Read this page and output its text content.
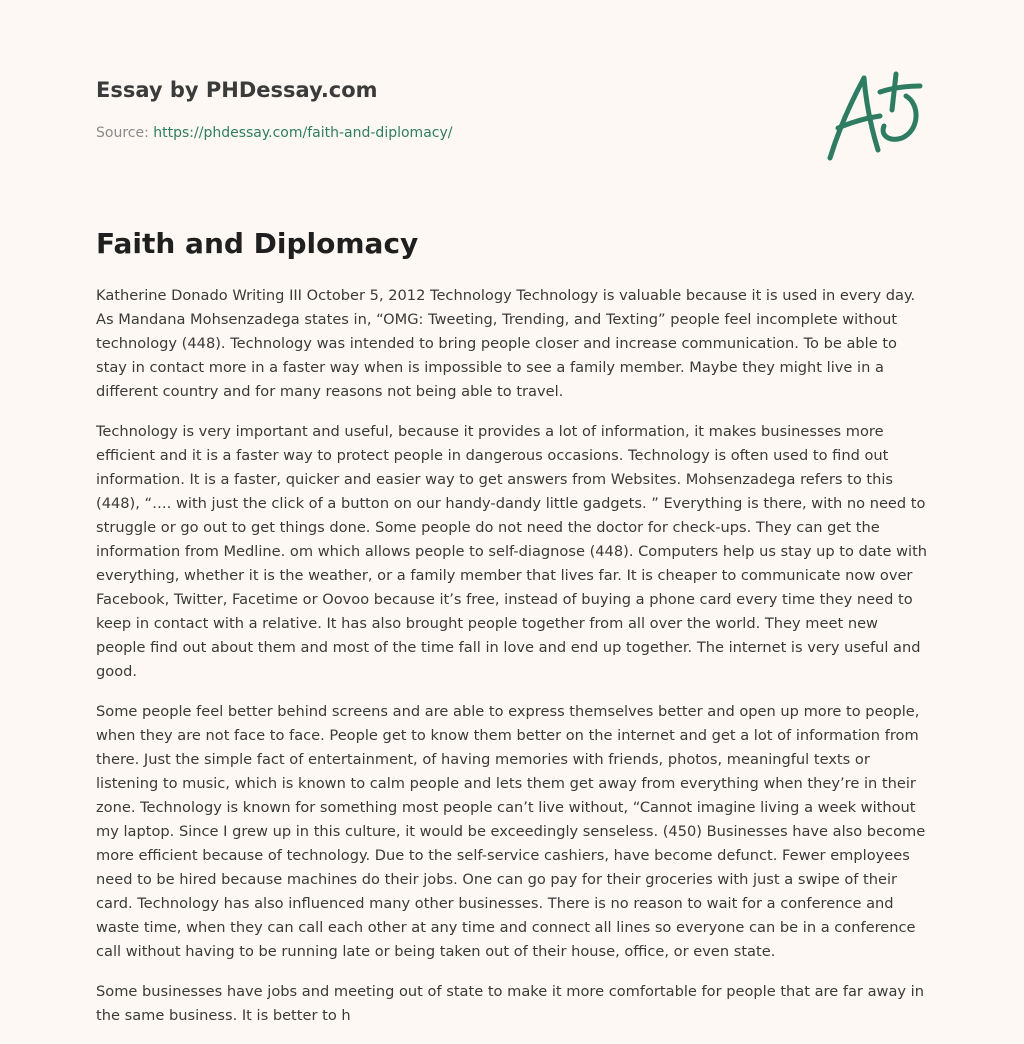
Essay by PHDessay.com
Source: https://phdessay.com/faith-and-diplomacy/
Faith and Diplomacy

Katherine Donado Writing III October 5, 2012 Technology Technology is valuable because it is used in every day. As Mandana Mohsenzadega states in, “OMG: Tweeting, Trending, and Texting” people feel incomplete without technology (448). Technology was intended to bring people closer and increase communication. To be able to stay in contact more in a faster way when is impossible to see a family member. Maybe they might live in a different country and for many reasons not being able to travel.

Technology is very important and useful, because it provides a lot of information, it makes businesses more efficient and it is a faster way to protect people in dangerous occasions. Technology is often used to find out information. It is a faster, quicker and easier way to get answers from Websites. Mohsenzadega refers to this (448), “…. with just the click of a button on our handy-dandy little gadgets. ” Everything is there, with no need to struggle or go out to get things done. Some people do not need the doctor for check-ups. They can get the information from Medline. om which allows people to self-diagnose (448). Computers help us stay up to date with everything, whether it is the weather, or a family member that lives far. It is cheaper to communicate now over Facebook, Twitter, Facetime or Oovoo because it’s free, instead of buying a phone card every time they need to keep in contact with a relative. It has also brought people together from all over the world. They meet new people find out about them and most of the time fall in love and end up together. The internet is very useful and good.

Some people feel better behind screens and are able to express themselves better and open up more to people, when they are not face to face. People get to know them better on the internet and get a lot of information from there. Just the simple fact of entertainment, of having memories with friends, photos, meaningful texts or listening to music, which is known to calm people and lets them get away from everything when they’re in their zone. Technology is known for something most people can’t live without, “Cannot imagine living a week without my laptop. Since I grew up in this culture, it would be exceedingly senseless. (450) Businesses have also become more efficient because of technology. Due to the self-service cashiers, have become defunct. Fewer employees need to be hired because machines do their jobs. One can go pay for their groceries with just a swipe of their card. Technology has also influenced many other businesses. There is no reason to wait for a conference and waste time, when they can call each other at any time and connect all lines so everyone can be in a conference call without having to be running late or being taken out of their house, office, or even state.

Some businesses have jobs and meeting out of state to make it more comfortable for people that are far away in the same business. It is better to h
